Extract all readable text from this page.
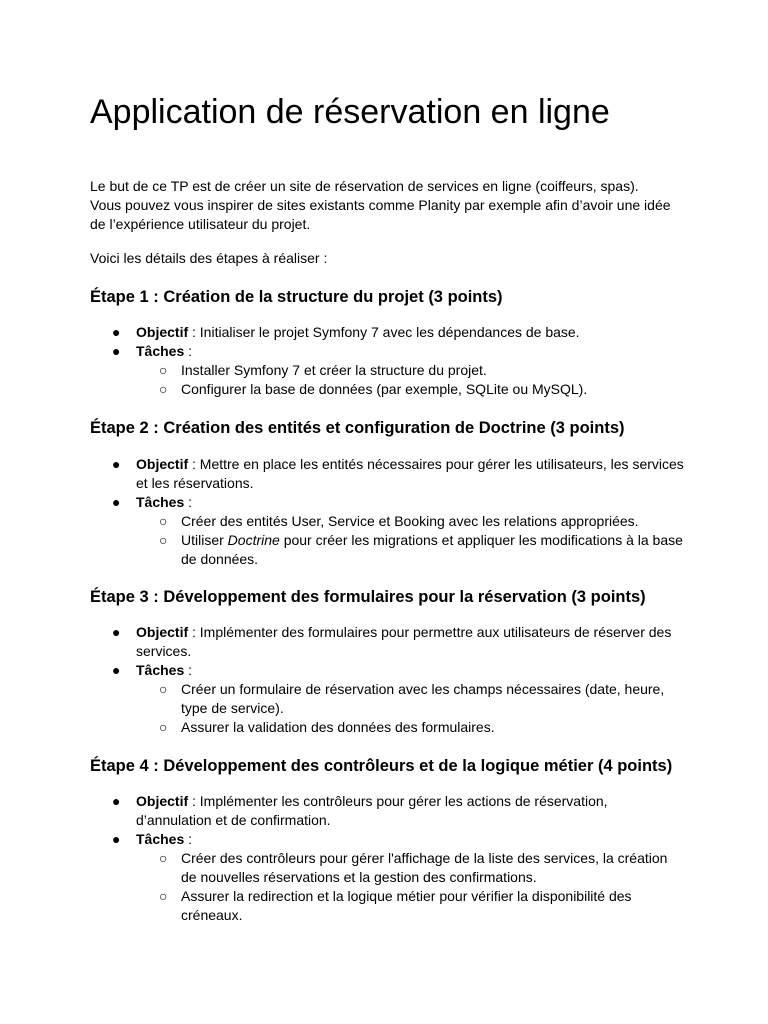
Application de réservation en ligne

Le but de ce TP est de créer un site de réservation de services en ligne (coiffeurs, spas).
Vous pouvez vous inspirer de sites existants comme Planity par exemple afin d’avoir une idée
de l’expérience utilisateur du projet.

Voici les détails des étapes à réaliser :

Étape 1 : Création de la structure du projet (3 points)
● Objectif : Initialiser le projet Symfony 7 avec les dépendances de base.
● Tâches :
○ Installer Symfony 7 et créer la structure du projet.
○ Configurer la base de données (par exemple, SQLite ou MySQL).
Étape 2 : Création des entités et configuration de Doctrine (3 points)
● Objectif : Mettre en place les entités nécessaires pour gérer les utilisateurs, les services
et les réservations.
● Tâches :
○ Créer des entités User, Service et Booking avec les relations appropriées.
○ Utiliser Doctrine pour créer les migrations et appliquer les modifications à la base
de données.
Étape 3 : Développement des formulaires pour la réservation (3 points)
● Objectif : Implémenter des formulaires pour permettre aux utilisateurs de réserver des
services.
● Tâches :
○ Créer un formulaire de réservation avec les champs nécessaires (date, heure,
type de service).
○ Assurer la validation des données des formulaires.
Étape 4 : Développement des contrôleurs et de la logique métier (4 points)
● Objectif : Implémenter les contrôleurs pour gérer les actions de réservation,
d’annulation et de confirmation.
● Tâches :
○ Créer des contrôleurs pour gérer l'affichage de la liste des services, la création
de nouvelles réservations et la gestion des confirmations.
○ Assurer la redirection et la logique métier pour vérifier la disponibilité des
créneaux.
